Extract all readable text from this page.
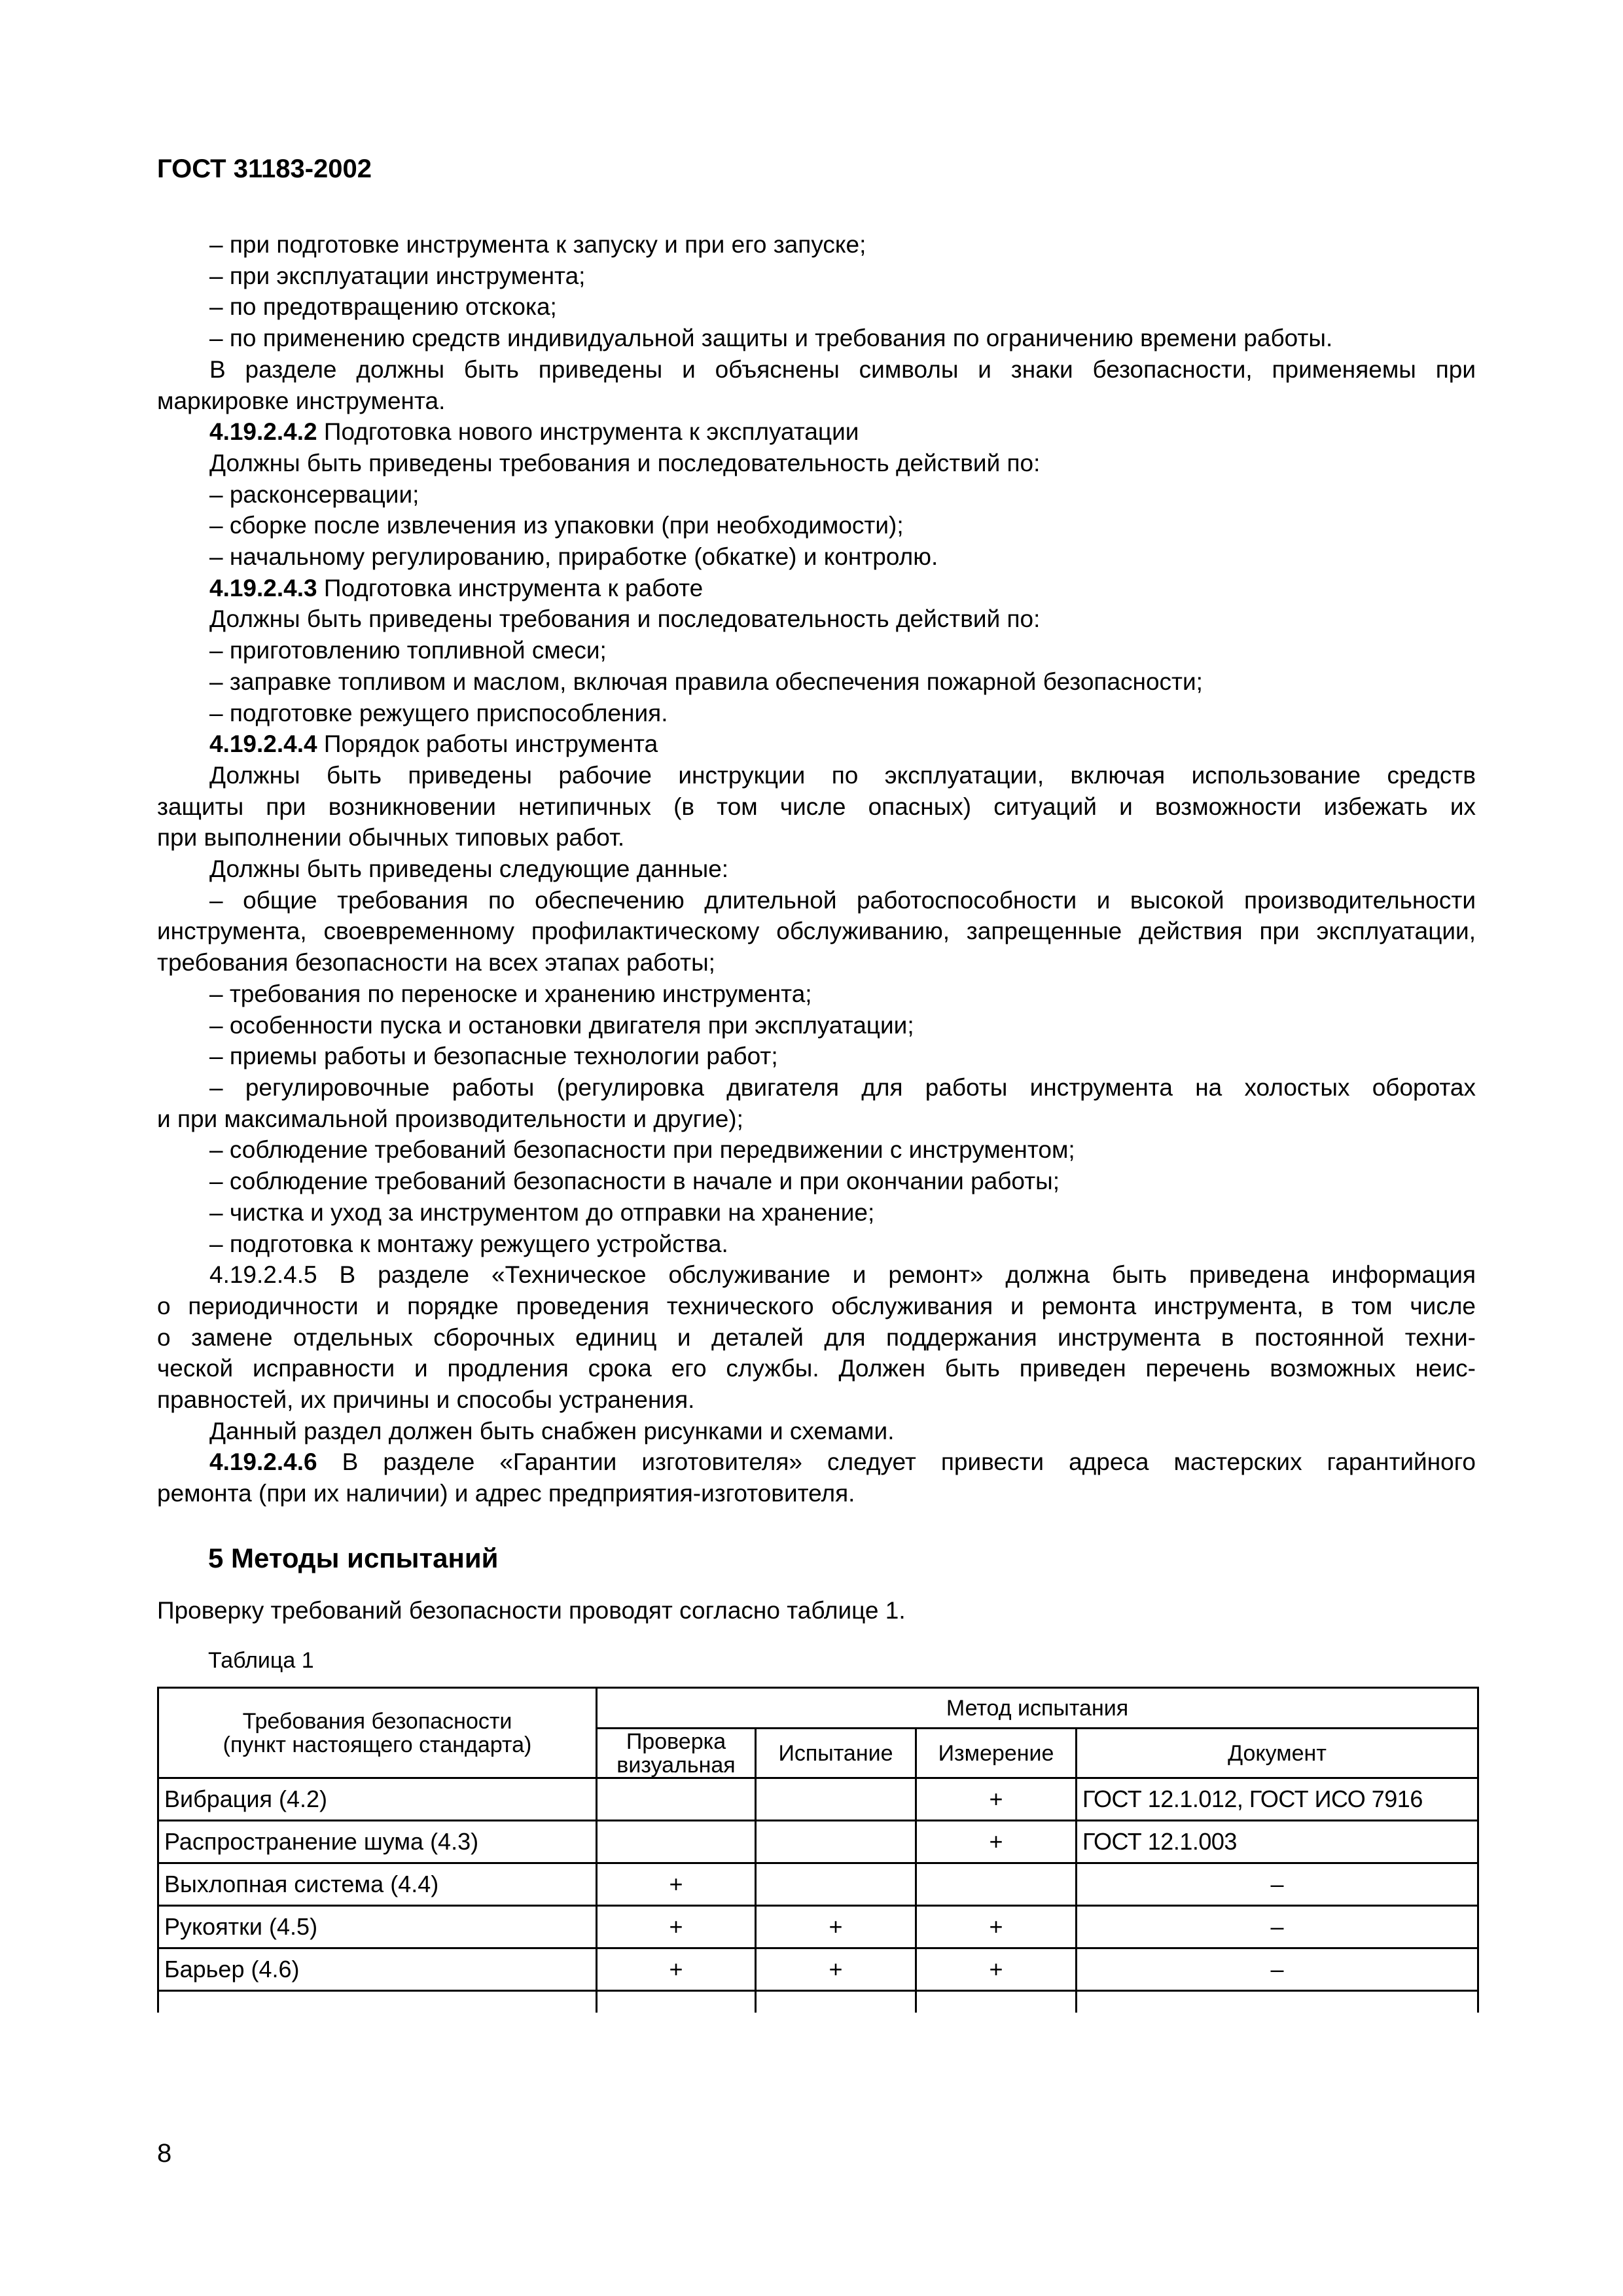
ГОСТ 31183-2002
– при подготовке инструмента к запуску и при его запуске;
– при эксплуатации инструмента;
– по предотвращению отскока;
– по применению средств индивидуальной защиты и требования по ограничению времени работы.
В разделе должны быть приведены и объяснены символы и знаки безопасности, применяемы при
маркировке инструмента.
4.19.2.4.2 Подготовка нового инструмента к эксплуатации
Должны быть приведены требования и последовательность действий по:
– расконсервации;
– сборке после извлечения из упаковки (при необходимости);
– начальному регулированию, приработке (обкатке) и контролю.
4.19.2.4.3 Подготовка инструмента к работе
Должны быть приведены требования и последовательность действий по:
– приготовлению топливной смеси;
– заправке топливом и маслом, включая правила обеспечения пожарной безопасности;
– подготовке режущего приспособления.
4.19.2.4.4 Порядок работы инструмента
Должны быть приведены рабочие инструкции по эксплуатации, включая использование средств
защиты при возникновении нетипичных (в том числе опасных) ситуаций и возможности избежать их
при выполнении обычных типовых работ.
Должны быть приведены следующие данные:
– общие требования по обеспечению длительной работоспособности и высокой производительности
инструмента, своевременному профилактическому обслуживанию, запрещенные действия при эксплуатации,
требования безопасности на всех этапах работы;
– требования по переноске и хранению инструмента;
– особенности пуска и остановки двигателя при эксплуатации;
– приемы работы и безопасные технологии работ;
– регулировочные работы (регулировка двигателя для работы инструмента на холостых оборотах
и при максимальной производительности и другие);
– соблюдение требований безопасности при передвижении с инструментом;
– соблюдение требований безопасности в начале и при окончании работы;
– чистка и уход за инструментом до отправки на хранение;
– подготовка к монтажу режущего устройства.
4.19.2.4.5 В разделе «Техническое обслуживание и ремонт» должна быть приведена информация
о периодичности и порядке проведения технического обслуживания и ремонта инструмента, в том числе
о замене отдельных сборочных единиц и деталей для поддержания инструмента в постоянной техни-
ческой исправности и продления срока его службы. Должен быть приведен перечень возможных неис-
правностей, их причины и способы устранения.
Данный раздел должен быть снабжен рисунками и схемами.
4.19.2.4.6 В разделе «Гарантии изготовителя» следует привести адреса мастерских гарантийного
ремонта (при их наличии) и адрес предприятия-изготовителя.
5 Методы испытаний

Проверку требований безопасности проводят согласно таблице 1.

Таблица 1

Требования безопасности
(пункт настоящего стандарта)	Метод испытания			
	Проверка
визуальная	Испытание	Измерение	Документ
Вибрация (4.2)			+	ГОСТ 12.1.012, ГОСТ ИСО 7916
Распространение шума (4.3)			+	ГОСТ 12.1.003
Выхлопная система (4.4)	+			–
Рукоятки (4.5)	+	+	+	–
Барьер (4.6)	+	+	+	–

8
